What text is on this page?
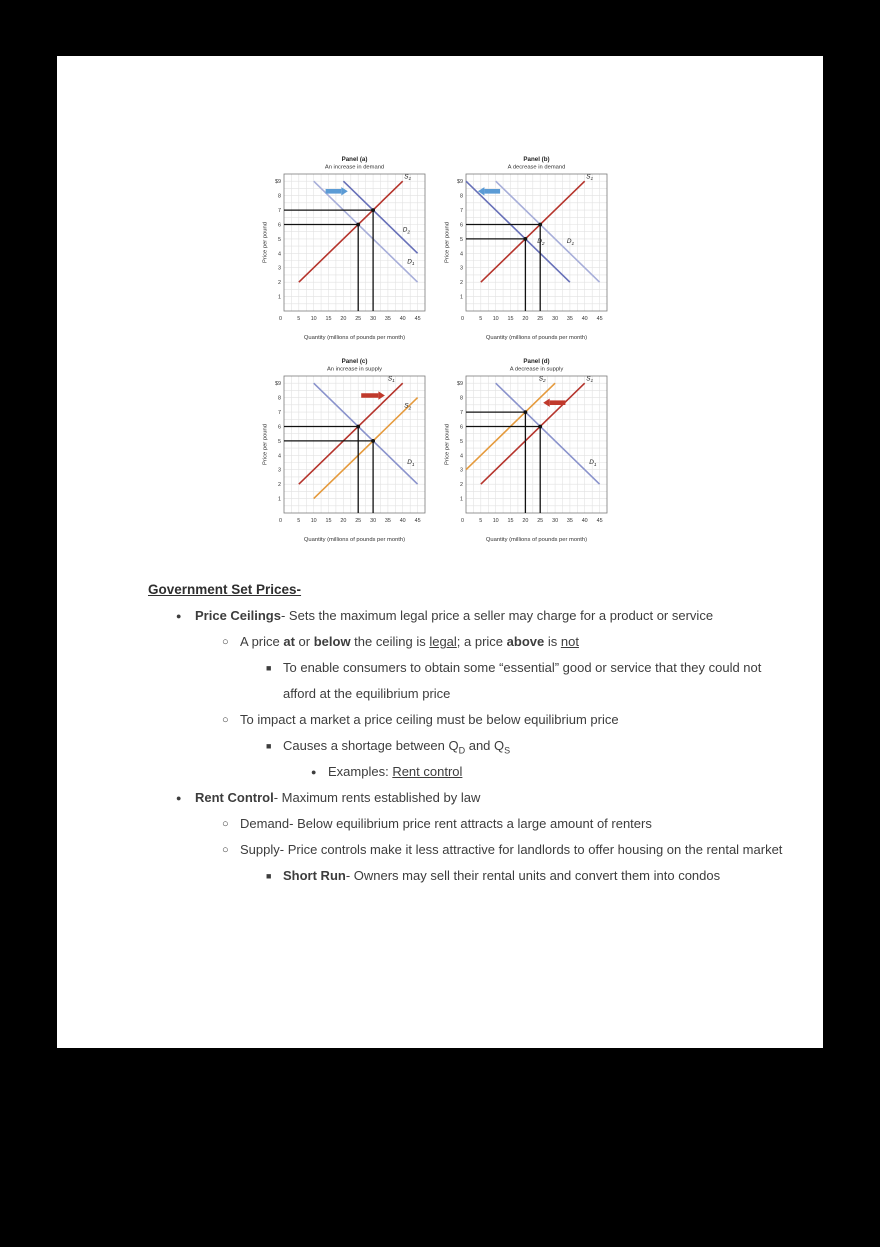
$S_1$
$D_1$
$D_2$
5 10 15 20 25 30 35 40 45
0
1
2
3
4
5
6
7
8
$9
Panel (a)
An increase in demand
Quantity (millions of pounds per month)
Price per pound
$S_1$
$D_2$	$D_1$
5 10 15 20 25 30 35 40 45
0
1
2
3
4
5
6
7
8
$9
Panel (b)
A decrease in demand
Quantity (millions of pounds per month)
Price per pound
$S_1$
$S_2$
$D_1$
5 10 15 20 25 30 35 40 45
0
1
2
3
4
5
6
7
8
$9
Panel (c)
An increase in supply
Quantity (millions of pounds per month)
Price per pound
$S_2$	$S_1$
$D_1$
5 10 15 20 25 30 35 40 45
0
1
2
3
4
5
6
7
8
$9
Panel (d)
A decrease in supply
Quantity (millions of pounds per month)
Price per pound
Government Set Prices-
●	Price Ceilings- Sets the maximum legal price a seller may charge for a product or service
○ A price at or below the ceiling is legal; a price above is not
■ To enable consumers to obtain some “essential” good or service that they could not afford at the equilibrium price
○ To impact a market a price ceiling must be below equilibrium price
■ Causes a shortage between $Q_D$ and $Q_S$
● Examples: Rent control
●	Rent Control- Maximum rents established by law
○ Demand- Below equilibrium price rent attracts a large amount of renters
○ Supply- Price controls make it less attractive for landlords to offer housing on the rental market
■ Short Run- Owners may sell their rental units and convert them into condos
